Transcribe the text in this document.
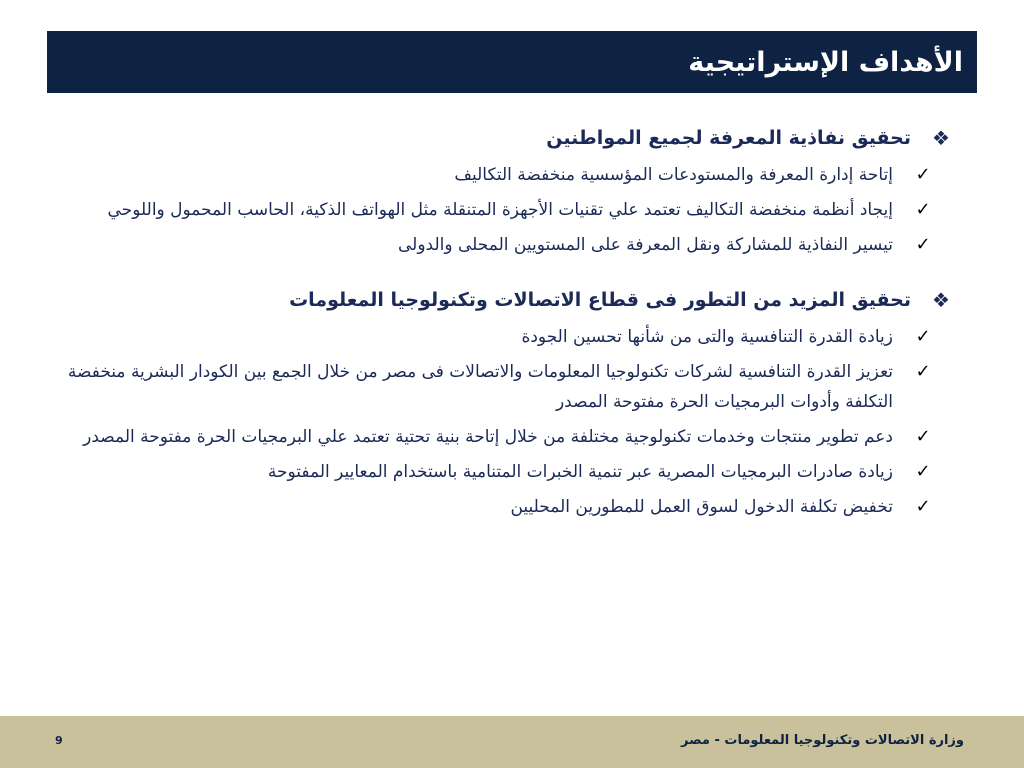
الأهداف الإستراتيجية
❖
تحقيق نفاذية المعرفة لجميع المواطنين
✓
إتاحة إدارة المعرفة والمستودعات المؤسسية منخفضة التكاليف
✓
إيجاد أنظمة منخفضة التكاليف تعتمد علي تقنيات الأجهزة المتنقلة مثل الهواتف الذكية، الحاسب المحمول واللوحي
✓
تيسير النفاذية للمشاركة ونقل المعرفة على المستويين المحلى والدولى
❖
تحقيق المزيد من التطور فى قطاع الاتصالات وتكنولوجيا المعلومات
✓
زيادة القدرة التنافسية والتى من شأنها تحسين الجودة
✓
تعزيز القدرة التنافسية لشركات تكنولوجيا المعلومات والاتصالات فى مصر من خلال الجمع بين الكودار البشرية منخفضة التكلفة وأدوات البرمجيات الحرة مفتوحة المصدر
✓
دعم تطوير منتجات وخدمات تكنولوجية مختلفة من خلال إتاحة بنية تحتية تعتمد علي البرمجيات الحرة مفتوحة المصدر
✓
زيادة صادرات البرمجيات المصرية عبر تنمية الخبرات المتنامية باستخدام المعايير المفتوحة
✓
تخفيض تكلفة الدخول لسوق العمل للمطورين المحليين
وزارة الاتصالات وتكنولوجيا المعلومات - مصر
9
